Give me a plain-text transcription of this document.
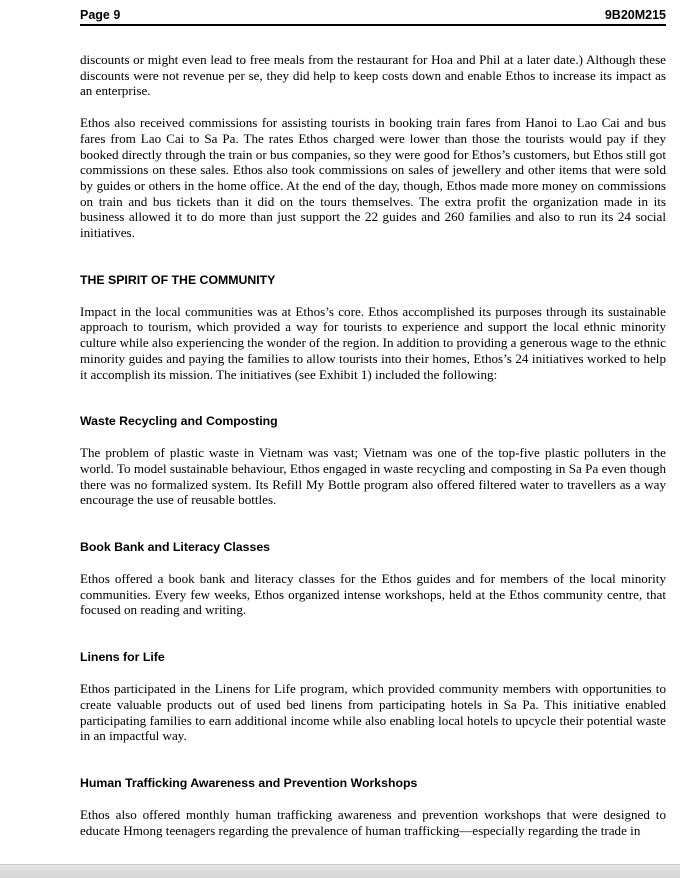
Page 9	9B20M215

discounts or might even lead to free meals from the restaurant for Hoa and Phil at a later date.) Although these discounts were not revenue per se, they did help to keep costs down and enable Ethos to increase its impact as an enterprise.

Ethos also received commissions for assisting tourists in booking train fares from Hanoi to Lao Cai and bus fares from Lao Cai to Sa Pa. The rates Ethos charged were lower than those the tourists would pay if they booked directly through the train or bus companies, so they were good for Ethos’s customers, but Ethos still got commissions on these sales. Ethos also took commissions on sales of jewellery and other items that were sold by guides or others in the home office. At the end of the day, though, Ethos made more money on commissions on train and bus tickets than it did on the tours themselves. The extra profit the organization made in its business allowed it to do more than just support the 22 guides and 260 families and also to run its 24 social initiatives.

THE SPIRIT OF THE COMMUNITY

Impact in the local communities was at Ethos’s core. Ethos accomplished its purposes through its sustainable approach to tourism, which provided a way for tourists to experience and support the local ethnic minority culture while also experiencing the wonder of the region. In addition to providing a generous wage to the ethnic minority guides and paying the families to allow tourists into their homes, Ethos’s 24 initiatives worked to help it accomplish its mission. The initiatives (see Exhibit 1) included the following:

Waste Recycling and Composting

The problem of plastic waste in Vietnam was vast; Vietnam was one of the top-five plastic polluters in the world. To model sustainable behaviour, Ethos engaged in waste recycling and composting in Sa Pa even though there was no formalized system. Its Refill My Bottle program also offered filtered water to travellers as a way encourage the use of reusable bottles.

Book Bank and Literacy Classes

Ethos offered a book bank and literacy classes for the Ethos guides and for members of the local minority communities. Every few weeks, Ethos organized intense workshops, held at the Ethos community centre, that focused on reading and writing.

Linens for Life

Ethos participated in the Linens for Life program, which provided community members with opportunities to create valuable products out of used bed linens from participating hotels in Sa Pa. This initiative enabled participating families to earn additional income while also enabling local hotels to upcycle their potential waste in an impactful way.

Human Trafficking Awareness and Prevention Workshops

Ethos also offered monthly human trafficking awareness and prevention workshops that were designed to educate Hmong teenagers regarding the prevalence of human trafficking—especially regarding the trade in
